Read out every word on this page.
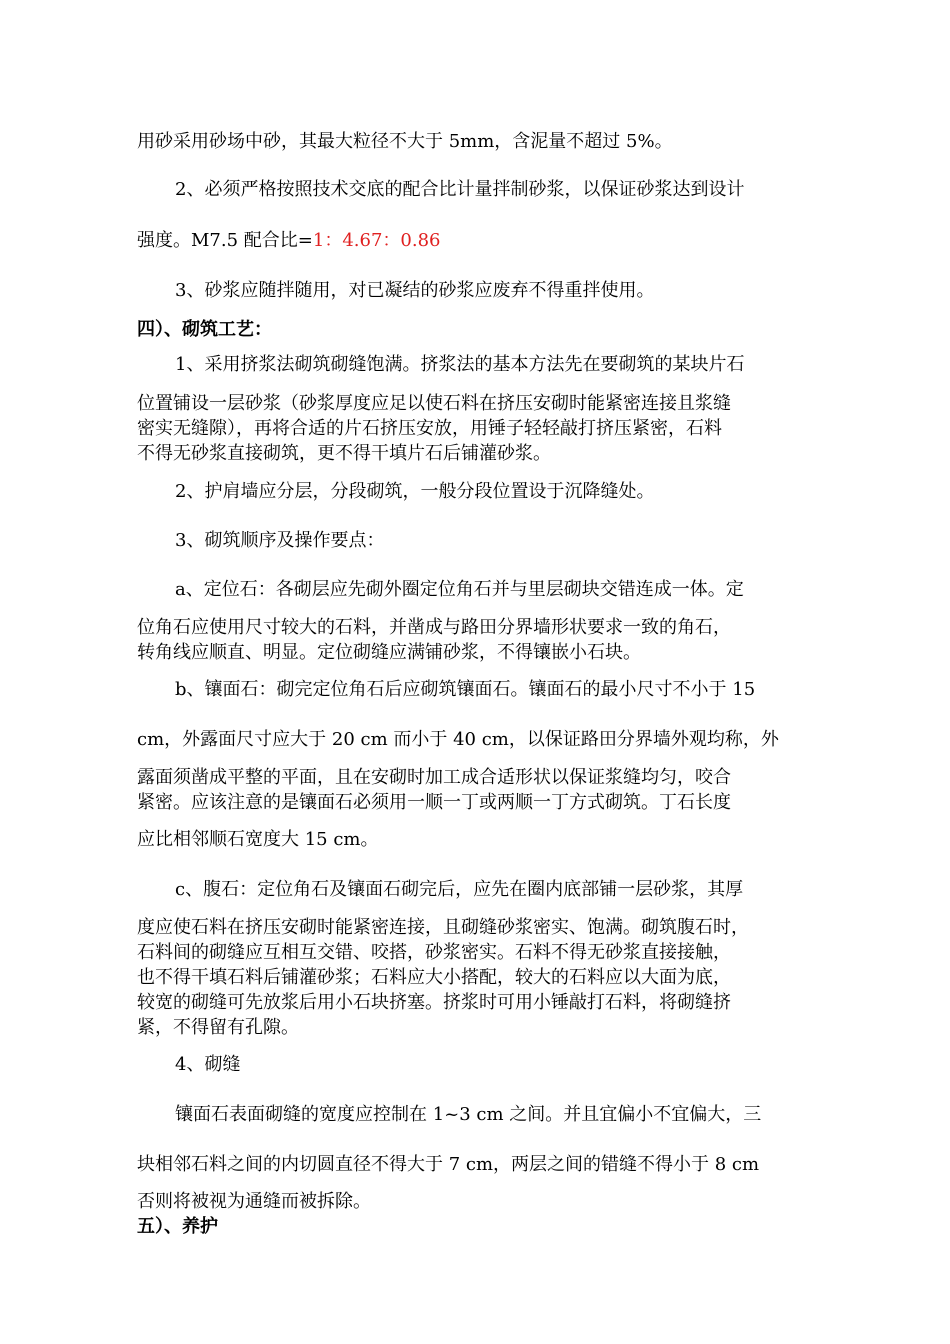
用砂采用砂场中砂，其最大粒径不大于 5mm，含泥量不超过 5%。
2、必须严格按照技术交底的配合比计量拌制砂浆，以保证砂浆达到设计
强度。M7.5 配合比=1：4.67：0.86
3、砂浆应随拌随用，对已凝结的砂浆应废弃不得重拌使用。
四）、砌筑工艺：
1、采用挤浆法砌筑砌缝饱满。挤浆法的基本方法先在要砌筑的某块片石
位置铺设一层砂浆（砂浆厚度应足以使石料在挤压安砌时能紧密连接且浆缝
密实无缝隙），再将合适的片石挤压安放，用锤子轻轻敲打挤压紧密，石料
不得无砂浆直接砌筑，更不得干填片石后铺灌砂浆。
2、护肩墙应分层，分段砌筑，一般分段位置设于沉降缝处。
3、砌筑顺序及操作要点：
a、定位石：各砌层应先砌外圈定位角石并与里层砌块交错连成一体。定
位角石应使用尺寸较大的石料，并凿成与路田分界墙形状要求一致的角石，
转角线应顺直、明显。定位砌缝应满铺砂浆，不得镶嵌小石块。
b、镶面石：砌完定位角石后应砌筑镶面石。镶面石的最小尺寸不小于 15
cm，外露面尺寸应大于 20 cm 而小于 40 cm，以保证路田分界墙外观均称，外
露面须凿成平整的平面，且在安砌时加工成合适形状以保证浆缝均匀，咬合
紧密。应该注意的是镶面石必须用一顺一丁或两顺一丁方式砌筑。丁石长度
应比相邻顺石宽度大 15 cm。
c、腹石：定位角石及镶面石砌完后，应先在圈内底部铺一层砂浆，其厚
度应使石料在挤压安砌时能紧密连接，且砌缝砂浆密实、饱满。砌筑腹石时，
石料间的砌缝应互相互交错、咬搭，砂浆密实。石料不得无砂浆直接接触，
也不得干填石料后铺灌砂浆；石料应大小搭配，较大的石料应以大面为底，
较宽的砌缝可先放浆后用小石块挤塞。挤浆时可用小锤敲打石料，将砌缝挤
紧，不得留有孔隙。
4、砌缝
镶面石表面砌缝的宽度应控制在 1~3 cm 之间。并且宜偏小不宜偏大，三
块相邻石料之间的内切圆直径不得大于 7 cm，两层之间的错缝不得小于 8 cm
否则将被视为通缝而被拆除。
五）、养护
